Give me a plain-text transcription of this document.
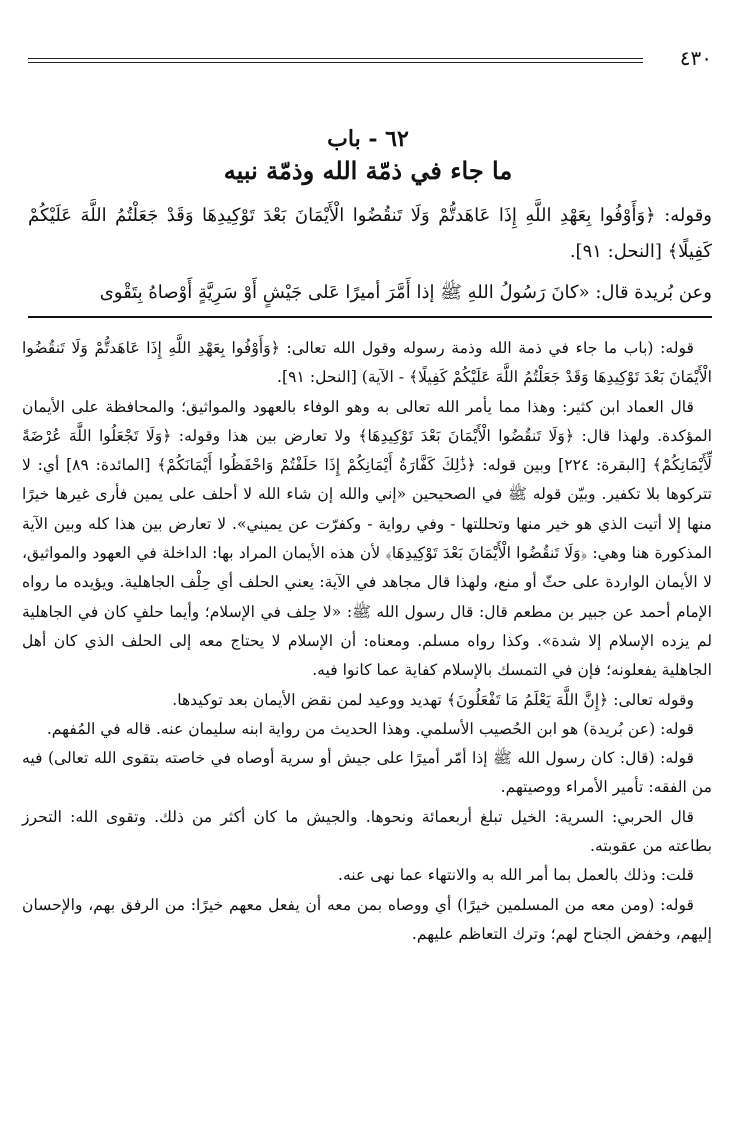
٤٣٠
٦٢ - باب
ما جاء في ذمّة الله وذمّة نبيه

وقوله: ﴿وَأَوْفُوا بِعَهْدِ اللَّهِ إِذَا عَاهَدتُّمْ وَلَا تَنقُضُوا الْأَيْمَانَ بَعْدَ تَوْكِيدِهَا وَقَدْ جَعَلْتُمُ اللَّهَ عَلَيْكُمْ كَفِيلًا﴾ [النحل: ٩١].

وعن بُريدة قال: «كانَ رَسُولُ اللهِ ﷺ إذا أَمَّرَ أميرًا عَلى جَيْشٍ أَوْ سَرِيَّةٍ أَوْصاهُ بِتَقْوى

قوله: (باب ما جاء في ذمة الله وذمة رسوله وقول الله تعالى: ﴿وَأَوْفُوا بِعَهْدِ اللَّهِ إِذَا عَاهَدتُّمْ وَلَا تَنقُضُوا الْأَيْمَانَ بَعْدَ تَوْكِيدِهَا وَقَدْ جَعَلْتُمُ اللَّهَ عَلَيْكُمْ كَفِيلًا﴾ - الآية) [النحل: ٩١].

قال العماد ابن كثير: وهذا مما يأمر الله تعالى به وهو الوفاء بالعهود والمواثيق؛ والمحافظة على الأيمان المؤكدة. ولهذا قال: ﴿وَلَا تَنقُضُوا الْأَيْمَانَ بَعْدَ تَوْكِيدِهَا﴾ ولا تعارض بين هذا وقوله: ﴿وَلَا تَجْعَلُوا اللَّهَ عُرْضَةً لِّأَيْمَانِكُمْ﴾ [البقرة: ٢٢٤] وبين قوله: ﴿ذَٰلِكَ كَفَّارَةُ أَيْمَانِكُمْ إِذَا حَلَفْتُمْ وَاحْفَظُوا أَيْمَانَكُمْ﴾ [المائدة: ٨٩] أي: لا تتركوها بلا تكفير. وبيّن قوله ﷺ في الصحيحين «إني والله إن شاء الله لا أحلف على يمين فأرى غيرها خيرًا منها إلا أتيت الذي هو خير منها وتحللتها - وفي رواية - وكفرّت عن يميني». لا تعارض بين هذا كله وبين الآية المذكورة هنا وهي: ﴿وَلَا تَنقُضُوا الْأَيْمَانَ بَعْدَ تَوْكِيدِهَا﴾ لأن هذه الأيمان المراد بها: الداخلة في العهود والمواثيق، لا الأيمان الواردة على حثّ أو منع، ولهذا قال مجاهد في الآية: يعني الحلف أي حِلْف الجاهلية. ويؤيده ما رواه الإمام أحمد عن جبير بن مطعم قال: قال رسول الله ﷺ: «لا حِلف في الإسلام؛ وأيما حلفٍ كان في الجاهلية لم يزده الإسلام إلا شدة». وكذا رواه مسلم. ومعناه: أن الإسلام لا يحتاج معه إلى الحلف الذي كان أهل الجاهلية يفعلونه؛ فإن في التمسك بالإسلام كفاية عما كانوا فيه.

وقوله تعالى: ﴿إِنَّ اللَّهَ يَعْلَمُ مَا تَفْعَلُونَ﴾ تهديد ووعيد لمن نقض الأيمان بعد توكيدها.

قوله: (عن بُريدة) هو ابن الحُصيب الأسلمي. وهذا الحديث من رواية ابنه سليمان عنه. قاله في المُفهم.

قوله: (قال: كان رسول الله ﷺ إذا أمّر أميرًا على جيش أو سرية أوصاه في خاصته بتقوى الله تعالى) فيه من الفقه: تأمير الأمراء ووصيتهم.

قال الحربي: السرية: الخيل تبلغ أربعمائة ونحوها. والجيش ما كان أكثر من ذلك. وتقوى الله: التحرز بطاعته من عقوبته.

قلت: وذلك بالعمل بما أمر الله به والانتهاء عما نهى عنه.

قوله: (ومن معه من المسلمين خيرًا) أي ووصاه بمن معه أن يفعل معهم خيرًا: من الرفق بهم، والإحسان إليهم، وخفض الجناح لهم؛ وترك التعاظم عليهم.
